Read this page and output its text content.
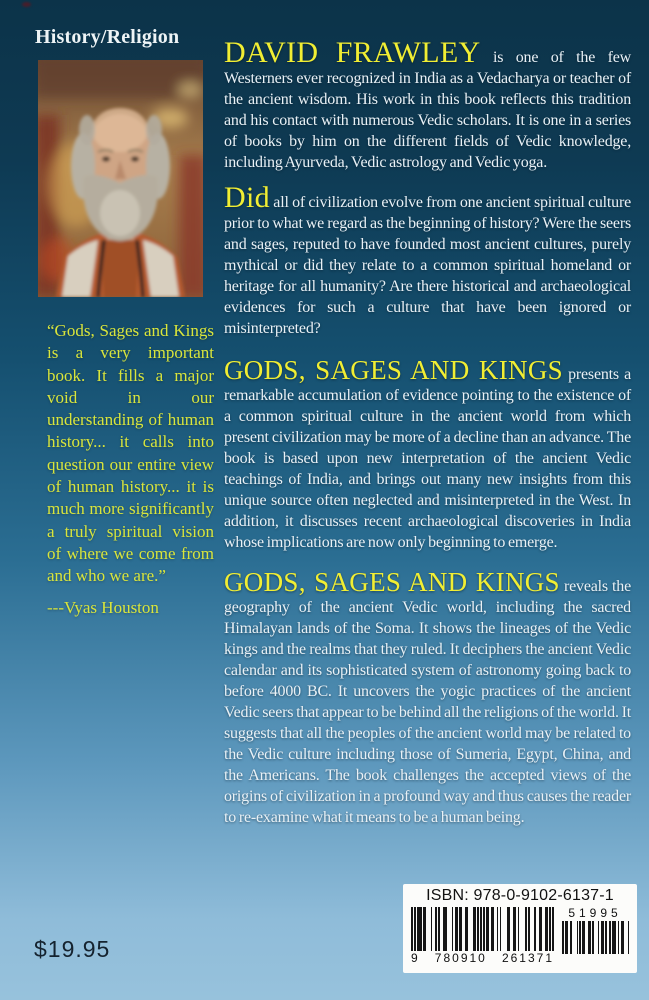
History/Religion
“Gods, Sages and Kings is a very important book. It fills a major void in our understanding of human history... it calls into question our entire view of human history... it is much more significantly a truly spiritual vision of where we come from and who we are.”
---Vyas Houston
$19.95

DAVID FRAWLEY is one of the few Westerners ever recognized in India as a Vedacharya or teacher of the ancient wisdom. His work in this book reflects this tradition and his contact with numerous Vedic scholars. It is one in a series of books by him on the different fields of Vedic knowledge, including Ayurveda, Vedic astrology and Vedic yoga.

Did all of civilization evolve from one ancient spiritual culture prior to what we regard as the beginning of history? Were the seers and sages, reputed to have founded most ancient cultures, purely mythical or did they relate to a common spiritual homeland or heritage for all humanity? Are there historical and archaeological evidences for such a culture that have been ignored or misinterpreted?

GODS, SAGES AND KINGS presents a remarkable accumulation of evidence pointing to the existence of a common spiritual culture in the ancient world from which present civilization may be more of a decline than an advance. The book is based upon new interpretation of the ancient Vedic teachings of India, and brings out many new insights from this unique source often neglected and misinterpreted in the West. In addition, it discusses recent archaeological discoveries in India whose implications are now only beginning to emerge.

GODS, SAGES AND KINGS reveals the geography of the ancient Vedic world, including the sacred Himalayan lands of the Soma. It shows the lineages of the Vedic kings and the realms that they ruled. It deciphers the ancient Vedic calendar and its sophisticated system of astronomy going back to before 4000 BC. It uncovers the yogic practices of the ancient Vedic seers that appear to be behind all the religions of the world. It suggests that all the peoples of the ancient world may be related to the Vedic culture including those of Sumeria, Egypt, China, and the Americans. The book challenges the accepted views of the origins of civilization in a profound way and thus causes the reader to re-examine what it means to be a human being.

ISBN: 978-0-9102-6137-1
9 780910 261371
51995
